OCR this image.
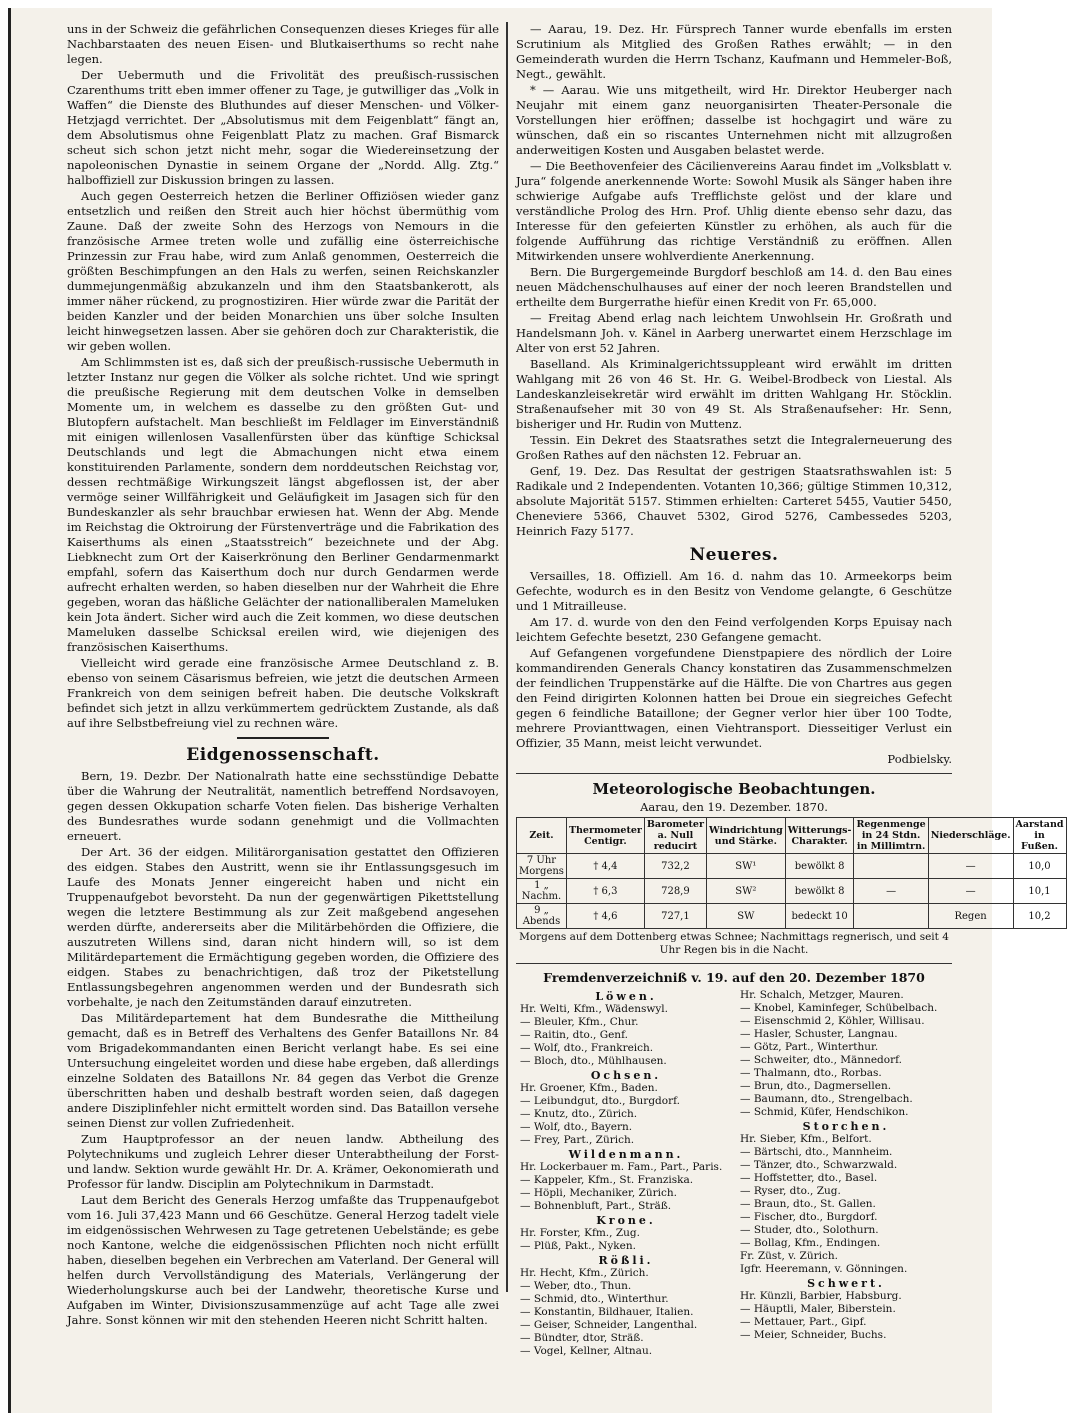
uns in der Schweiz die gefährlichen Consequenzen dieses Krieges für alle Nachbarstaaten des neuen Eisen- und Blutkaiserthums so recht nahe legen.

Der Uebermuth und die Frivolität des preußisch-russischen Czarenthums tritt eben immer offener zu Tage, je gutwilliger das „Volk in Waffen“ die Dienste des Bluthundes auf dieser Menschen- und Völker-Hetzjagd verrichtet. Der „Absolutismus mit dem Feigenblatt“ fängt an, dem Absolutismus ohne Feigenblatt Platz zu machen. Graf Bismarck scheut sich schon jetzt nicht mehr, sogar die Wiedereinsetzung der napoleonischen Dynastie in seinem Organe der „Nordd. Allg. Ztg.“ halboffiziell zur Diskussion bringen zu lassen.

Auch gegen Oesterreich hetzen die Berliner Offiziösen wieder ganz entsetzlich und reißen den Streit auch hier höchst übermüthig vom Zaune. Daß der zweite Sohn des Herzogs von Nemours in die französische Armee treten wolle und zufällig eine österreichische Prinzessin zur Frau habe, wird zum Anlaß genommen, Oesterreich die größten Beschimpfungen an den Hals zu werfen, seinen Reichskanzler dummejungenmäßig abzukanzeln und ihm den Staatsbankerott, als immer näher rückend, zu prognostiziren. Hier würde zwar die Parität der beiden Kanzler und der beiden Monarchien uns über solche Insulten leicht hinwegsetzen lassen. Aber sie gehören doch zur Charakteristik, die wir geben wollen.

Am Schlimmsten ist es, daß sich der preußisch-russische Uebermuth in letzter Instanz nur gegen die Völker als solche richtet. Und wie springt die preußische Regierung mit dem deutschen Volke in demselben Momente um, in welchem es dasselbe zu den größten Gut- und Blutopfern aufstachelt. Man beschließt im Feldlager im Einverständniß mit einigen willenlosen Vasallenfürsten über das künftige Schicksal Deutschlands und legt die Abmachungen nicht etwa einem konstituirenden Parlamente, sondern dem norddeutschen Reichstag vor, dessen rechtmäßige Wirkungszeit längst abgeflossen ist, der aber vermöge seiner Willfährigkeit und Geläufigkeit im Jasagen sich für den Bundeskanzler als sehr brauchbar erwiesen hat. Wenn der Abg. Mende im Reichstag die Oktroirung der Fürstenverträge und die Fabrikation des Kaiserthums als einen „Staatsstreich“ bezeichnete und der Abg. Liebknecht zum Ort der Kaiserkrönung den Berliner Gendarmenmarkt empfahl, sofern das Kaiserthum doch nur durch Gendarmen werde aufrecht erhalten werden, so haben dieselben nur der Wahrheit die Ehre gegeben, woran das häßliche Gelächter der nationalliberalen Mameluken kein Jota ändert. Sicher wird auch die Zeit kommen, wo diese deutschen Mameluken dasselbe Schicksal ereilen wird, wie diejenigen des französischen Kaiserthums.

Vielleicht wird gerade eine französische Armee Deutschland z. B. ebenso von seinem Cäsarismus befreien, wie jetzt die deutschen Armeen Frankreich von dem seinigen befreit haben. Die deutsche Volkskraft befindet sich jetzt in allzu verkümmertem gedrücktem Zustande, als daß auf ihre Selbstbefreiung viel zu rechnen wäre.

Eidgenossenschaft.

Bern, 19. Dezbr. Der Nationalrath hatte eine sechsstündige Debatte über die Wahrung der Neutralität, namentlich betreffend Nordsavoyen, gegen dessen Okkupation scharfe Voten fielen. Das bisherige Verhalten des Bundesrathes wurde sodann genehmigt und die Vollmachten erneuert.

Der Art. 36 der eidgen. Militärorganisation gestattet den Offizieren des eidgen. Stabes den Austritt, wenn sie ihr Entlassungsgesuch im Laufe des Monats Jenner eingereicht haben und nicht ein Truppenaufgebot bevorsteht. Da nun der gegenwärtigen Pikettstellung wegen die letztere Bestimmung als zur Zeit maßgebend angesehen werden dürfte, andererseits aber die Militärbehörden die Offiziere, die auszutreten Willens sind, daran nicht hindern will, so ist dem Militärdepartement die Ermächtigung gegeben worden, die Offiziere des eidgen. Stabes zu benachrichtigen, daß troz der Piketstellung Entlassungsbegehren angenommen werden und der Bundesrath sich vorbehalte, je nach den Zeitumständen darauf einzutreten.

Das Militärdepartement hat dem Bundesrathe die Mittheilung gemacht, daß es in Betreff des Verhaltens des Genfer Bataillons Nr. 84 vom Brigadekommandanten einen Bericht verlangt habe. Es sei eine Untersuchung eingeleitet worden und diese habe ergeben, daß allerdings einzelne Soldaten des Bataillons Nr. 84 gegen das Verbot die Grenze überschritten haben und deshalb bestraft worden seien, daß dagegen andere Disziplinfehler nicht ermittelt worden sind. Das Bataillon versehe seinen Dienst zur vollen Zufriedenheit.

Zum Hauptprofessor an der neuen landw. Abtheilung des Polytechnikums und zugleich Lehrer dieser Unterabtheilung der Forst- und landw. Sektion wurde gewählt Hr. Dr. A. Krämer, Oekonomierath und Professor für landw. Disciplin am Polytechnikum in Darmstadt.

Laut dem Bericht des Generals Herzog umfaßte das Truppenaufgebot vom 16. Juli 37,423 Mann und 66 Geschütze. General Herzog tadelt viele im eidgenössischen Wehrwesen zu Tage getretenen Uebelstände; es gebe noch Kantone, welche die eidgenössischen Pflichten noch nicht erfüllt haben, dieselben begehen ein Verbrechen am Vaterland. Der General will helfen durch Vervollständigung des Materials, Verlängerung der Wiederholungskurse auch bei der Landwehr, theoretische Kurse und Aufgaben im Winter, Divisionszusammenzüge auf acht Tage alle zwei Jahre. Sonst können wir mit den stehenden Heeren nicht Schritt halten.

— Aarau, 19. Dez. Hr. Fürsprech Tanner wurde ebenfalls im ersten Scrutinium als Mitglied des Großen Rathes erwählt; — in den Gemeinderath wurden die Herrn Tschanz, Kaufmann und Hemmeler-Boß, Negt., gewählt.

* — Aarau. Wie uns mitgetheilt, wird Hr. Direktor Heuberger nach Neujahr mit einem ganz neuorganisirten Theater-Personale die Vorstellungen hier eröffnen; dasselbe ist hochgagirt und wäre zu wünschen, daß ein so riscantes Unternehmen nicht mit allzugroßen anderweitigen Kosten und Ausgaben belastet werde.

— Die Beethovenfeier des Cäcilienvereins Aarau findet im „Volksblatt v. Jura“ folgende anerkennende Worte: Sowohl Musik als Sänger haben ihre schwierige Aufgabe aufs Trefflichste gelöst und der klare und verständliche Prolog des Hrn. Prof. Uhlig diente ebenso sehr dazu, das Interesse für den gefeierten Künstler zu erhöhen, als auch für die folgende Aufführung das richtige Verständniß zu eröffnen. Allen Mitwirkenden unsere wohlverdiente Anerkennung.

Bern. Die Burgergemeinde Burgdorf beschloß am 14. d. den Bau eines neuen Mädchenschulhauses auf einer der noch leeren Brandstellen und ertheilte dem Burgerrathe hiefür einen Kredit von Fr. 65,000.

— Freitag Abend erlag nach leichtem Unwohlsein Hr. Großrath und Handelsmann Joh. v. Känel in Aarberg unerwartet einem Herzschlage im Alter von erst 52 Jahren.

Baselland. Als Kriminalgerichtssuppleant wird erwählt im dritten Wahlgang mit 26 von 46 St. Hr. G. Weibel-Brodbeck von Liestal. Als Landeskanzleisekretär wird erwählt im dritten Wahlgang Hr. Stöcklin. Straßenaufseher mit 30 von 49 St. Als Straßenaufseher: Hr. Senn, bisheriger und Hr. Rudin von Muttenz.

Tessin. Ein Dekret des Staatsrathes setzt die Integralerneuerung des Großen Rathes auf den nächsten 12. Februar an.

Genf, 19. Dez. Das Resultat der gestrigen Staatsrathswahlen ist: 5 Radikale und 2 Independenten. Votanten 10,366; gültige Stimmen 10,312, absolute Majorität 5157. Stimmen erhielten: Carteret 5455, Vautier 5450, Cheneviere 5366, Chauvet 5302, Girod 5276, Cambessedes 5203, Heinrich Fazy 5177.

Neueres.

Versailles, 18. Offiziell. Am 16. d. nahm das 10. Armeekorps beim Gefechte, wodurch es in den Besitz von Vendome gelangte, 6 Geschütze und 1 Mitrailleuse.

Am 17. d. wurde von den den Feind verfolgenden Korps Epuisay nach leichtem Gefechte besetzt, 230 Gefangene gemacht.

Auf Gefangenen vorgefundene Dienstpapiere des nördlich der Loire kommandirenden Generals Chancy konstatiren das Zusammenschmelzen der feindlichen Truppenstärke auf die Hälfte. Die von Chartres aus gegen den Feind dirigirten Kolonnen hatten bei Droue ein siegreiches Gefecht gegen 6 feindliche Bataillone; der Gegner verlor hier über 100 Todte, mehrere Provianttwagen, einen Viehtransport. Diesseitiger Verlust ein Offizier, 35 Mann, meist leicht verwundet.

Podbielsky.

Meteorologische Beobachtungen.
Aarau, den 19. Dezember. 1870.
Zeit.	Thermometer Centigr.	Barometer a. Null reducirt	Windrichtung und Stärke.	Witterungs-Charakter.	Regenmenge in 24 Stdn. in Millimtrn.	Niederschläge.	Aarstand in Fußen.
7 Uhr Morgens	† 4,4	732,2	SW¹	bewölkt 8		—	10,0
1 „ Nachm.	† 6,3	728,9	SW²	bewölkt 8	—	—	10,1
9 „ Abends	† 4,6	727,1	SW	bedeckt 10		Regen	10,2
Morgens auf dem Dottenberg etwas Schnee; Nachmittags regnerisch, und seit 4 Uhr Regen bis in die Nacht.
Fremdenverzeichniß v. 19. auf den 20. Dezember 1870
Löwen.
Hr. Welti, Kfm., Wädenswyl.
— Bleuler, Kfm., Chur.
— Raitin, dto., Genf.
— Wolf, dto., Frankreich.
— Bloch, dto., Mühlhausen.
Ochsen.
Hr. Groener, Kfm., Baden.
— Leibundgut, dto., Burgdorf.
— Knutz, dto., Zürich.
— Wolf, dto., Bayern.
— Frey, Part., Zürich.
Wildenmann.
Hr. Lockerbauer m. Fam., Part., Paris.
— Kappeler, Kfm., St. Franziska.
— Höpli, Mechaniker, Zürich.
— Bohnenbluft, Part., Sträß.
Krone.
Hr. Forster, Kfm., Zug.
— Plüß, Pakt., Nyken.
Rößli.
Hr. Hecht, Kfm., Zürich.
— Weber, dto., Thun.
— Schmid, dto., Winterthur.
— Konstantin, Bildhauer, Italien.
— Geiser, Schneider, Langenthal.
— Bündter, dtor, Sträß.
— Vogel, Kellner, Altnau.
Hr. Schalch, Metzger, Mauren.
— Knobel, Kaminfeger, Schübelbach.
— Eisenschmid 2, Köhler, Willisau.
— Hasler, Schuster, Langnau.
— Götz, Part., Winterthur.
— Schweiter, dto., Männedorf.
— Thalmann, dto., Rorbas.
— Brun, dto., Dagmersellen.
— Baumann, dto., Strengelbach.
— Schmid, Küfer, Hendschikon.
Storchen.
Hr. Sieber, Kfm., Belfort.
— Bärtschi, dto., Mannheim.
— Tänzer, dto., Schwarzwald.
— Hoffstetter, dto., Basel.
— Ryser, dto., Zug.
— Braun, dto., St. Gallen.
— Fischer, dto., Burgdorf.
— Studer, dto., Solothurn.
— Bollag, Kfm., Endingen.
Fr. Züst, v. Zürich.
Igfr. Heeremann, v. Gönningen.
Schwert.
Hr. Künzli, Barbier, Habsburg.
— Häuptli, Maler, Biberstein.
— Mettauer, Part., Gipf.
— Meier, Schneider, Buchs.
